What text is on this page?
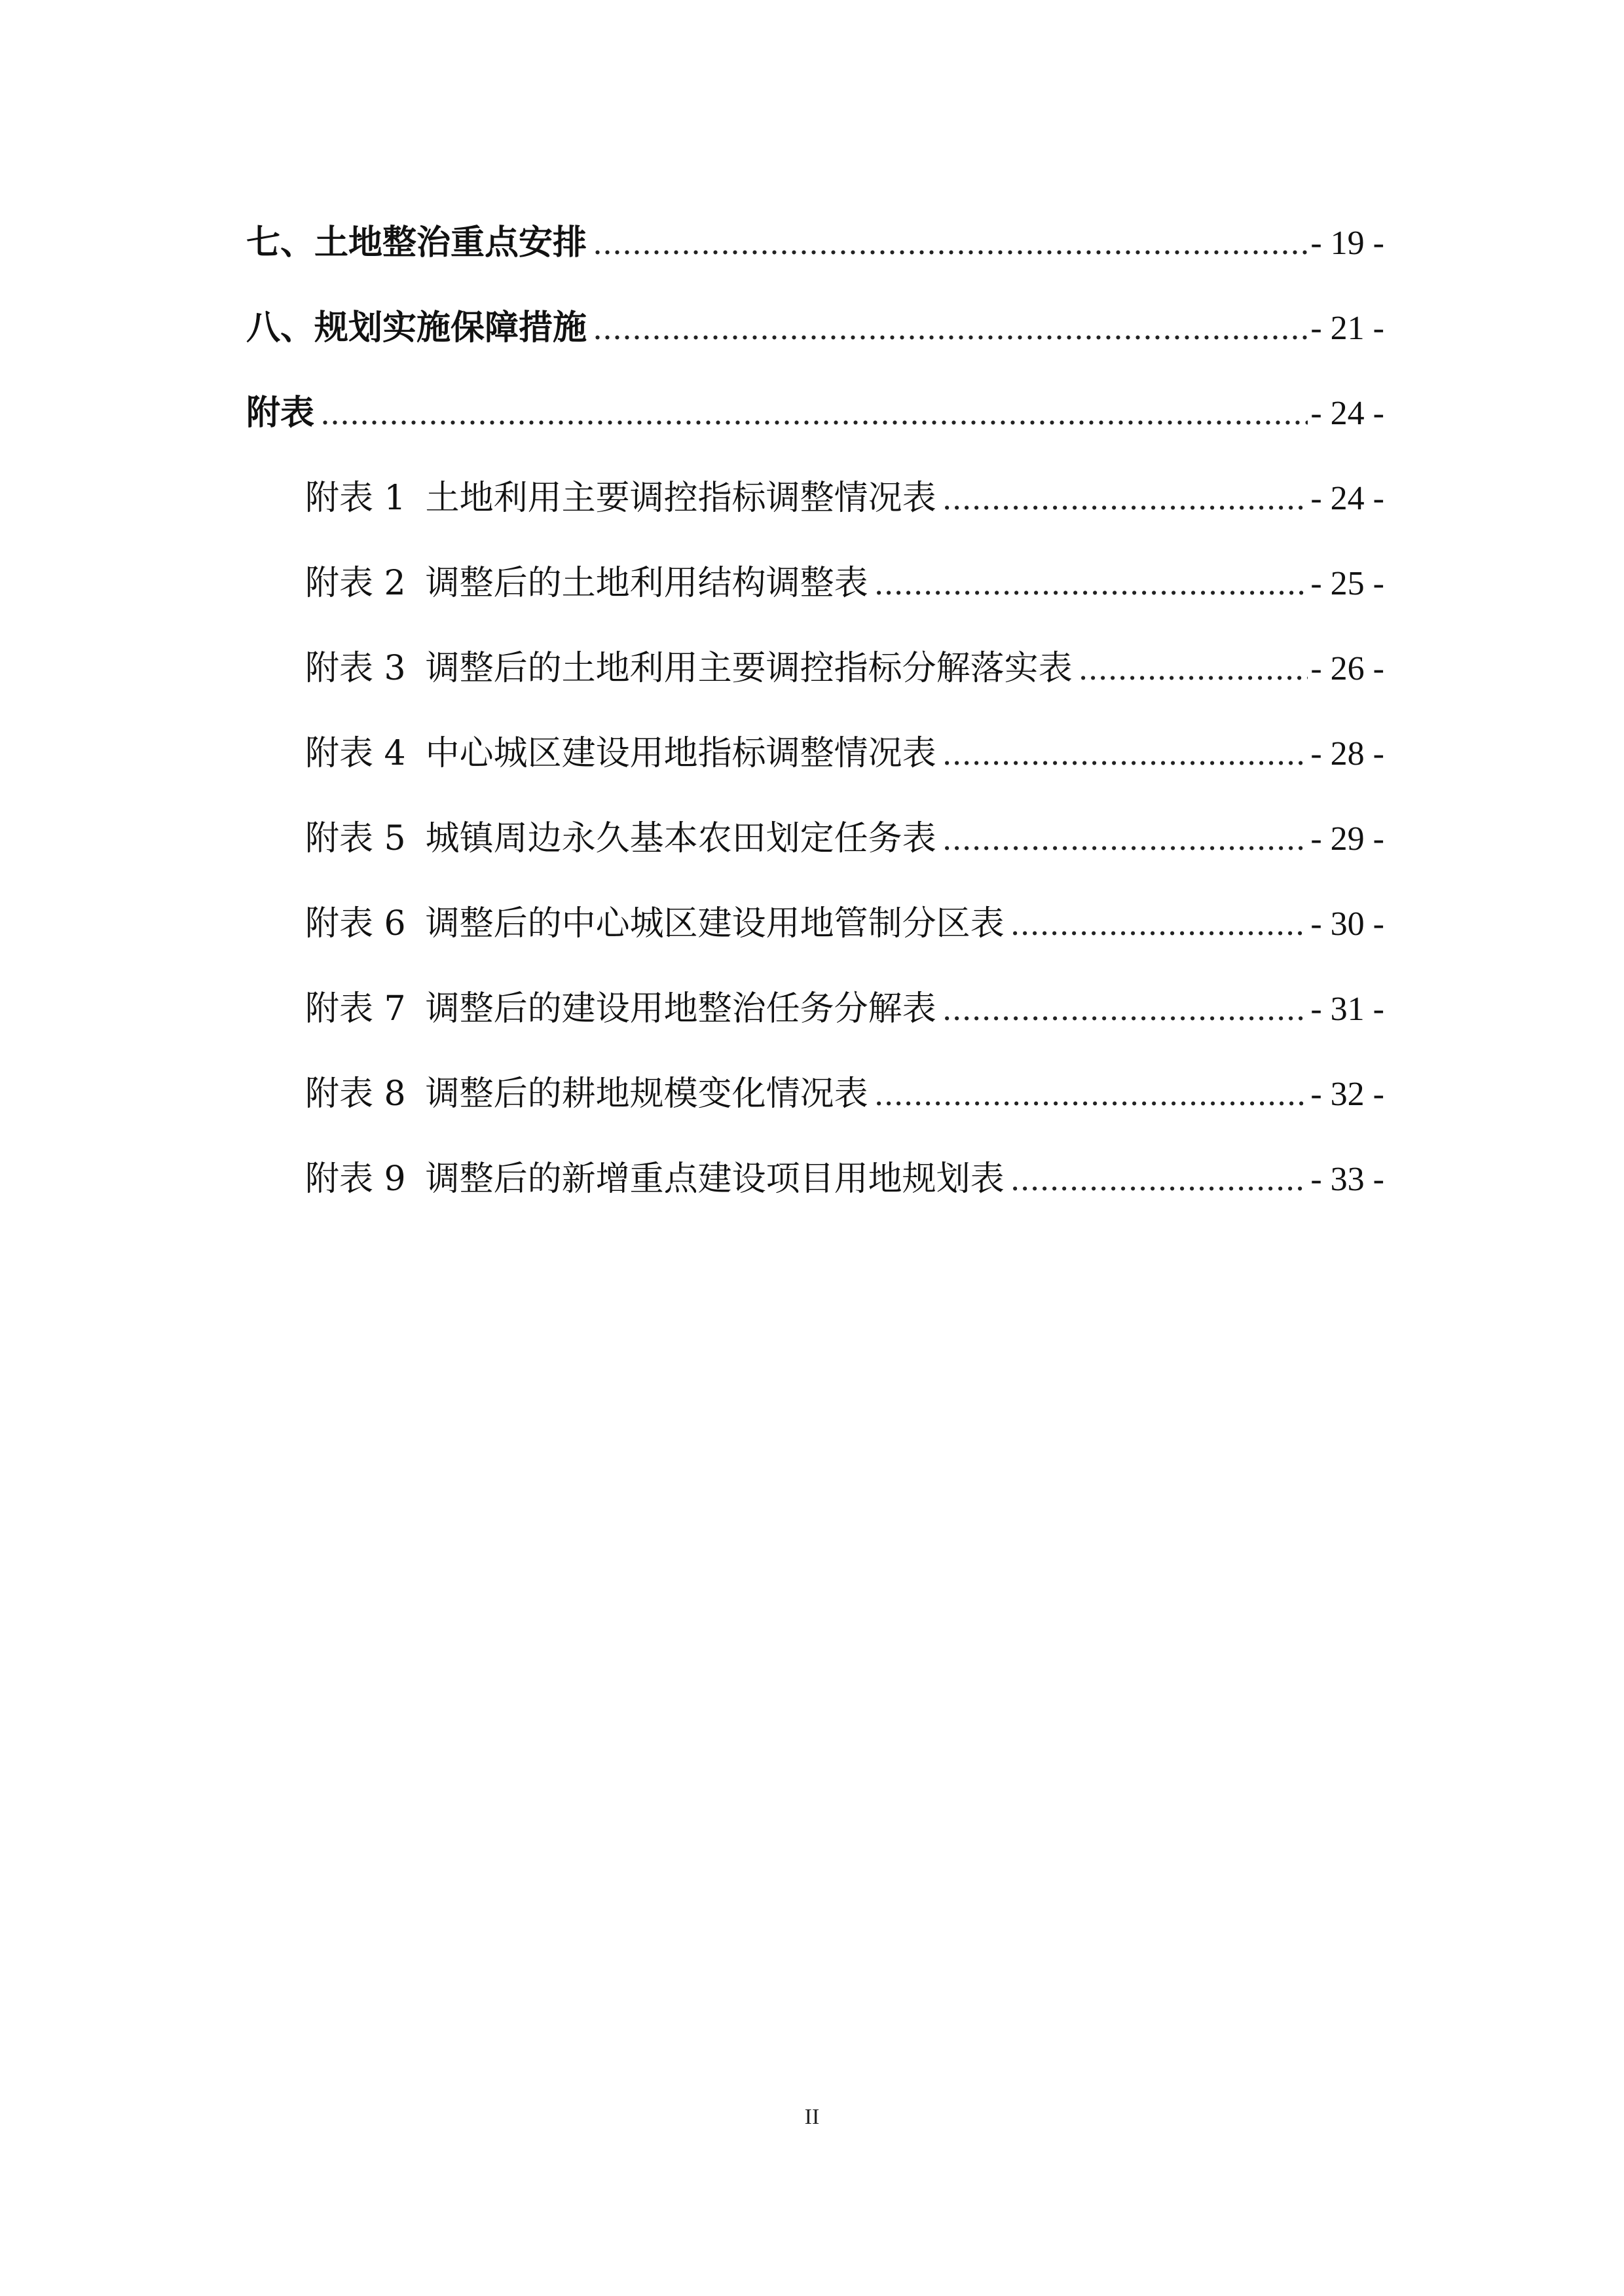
七、土地整治重点安排 .....	- 19 -
八、规划实施保障措施 .....	- 21 -
附表 .....	- 24 -
附表 1 土地利用主要调控指标调整情况表 .....	- 24 -
附表 2 调整后的土地利用结构调整表 .....	- 25 -
附表 3 调整后的土地利用主要调控指标分解落实表 .....	- 26 -
附表 4 中心城区建设用地指标调整情况表 .....	- 28 -
附表 5 城镇周边永久基本农田划定任务表 .....	- 29 -
附表 6 调整后的中心城区建设用地管制分区表 .....	- 30 -
附表 7 调整后的建设用地整治任务分解表 .....	- 31 -
附表 8 调整后的耕地规模变化情况表 .....	- 32 -
附表 9 调整后的新增重点建设项目用地规划表 .....	- 33 -
II
